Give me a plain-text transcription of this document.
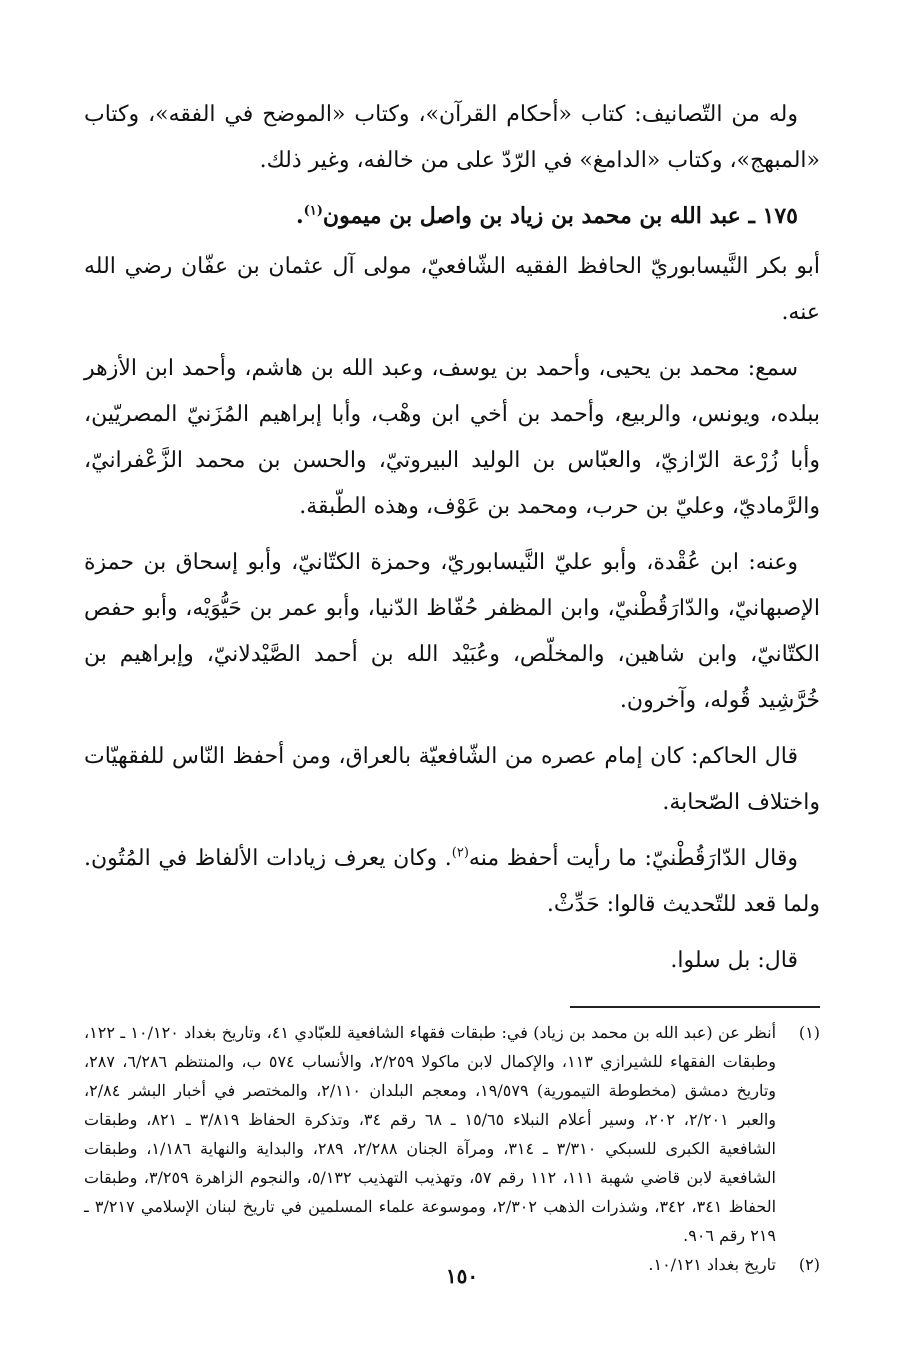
وله من التّصانيف: كتاب «أحكام القرآن»، وكتاب «الموضح في الفقه»، وكتاب «المبهج»، وكتاب «الدامغ» في الرّدّ على من خالفه، وغير ذلك.

١٧٥ ـ عبد الله بن محمد بن زياد بن واصل بن ميمون$^{(١)}$.

أبو بكر النَّيسابوريّ الحافظ الفقيه الشّافعيّ، مولى آل عثمان بن عفّان رضي الله عنه.

سمع: محمد بن يحيى، وأحمد بن يوسف، وعبد الله بن هاشم، وأحمد ابن الأزهر ببلده، ويونس، والربيع، وأحمد بن أخي ابن وهْب، وأبا إبراهيم المُزَنيّ المصريّين، وأبا زُرْعة الرّازيّ، والعبّاس بن الوليد البيروتيّ، والحسن بن محمد الزَّعْفرانيّ، والرَّماديّ، وعليّ بن حرب، ومحمد بن عَوْف، وهذه الطّبقة.

وعنه: ابن عُقْدة، وأبو عليّ النَّيسابوريّ، وحمزة الكتّانيّ، وأبو إسحاق بن حمزة الإصبهانيّ، والدّارَقُطْنيّ، وابن المظفر حُفّاظ الدّنيا، وأبو عمر بن حَيُّوَيْه، وأبو حفص الكتّانيّ، وابن شاهين، والمخلّص، وعُبَيْد الله بن أحمد الصَّيْدلانيّ، وإبراهيم بن خُرَّشِيد قُوله، وآخرون.

قال الحاكم: كان إمام عصره من الشّافعيّة بالعراق، ومن أحفظ النّاس للفقهيّات واختلاف الصّحابة.

وقال الدّارَقُطْنيّ: ما رأيت أحفظ منه$^{(٢)}$. وكان يعرف زيادات الألفاظ في المُتُون. ولما قعد للتّحديث قالوا: حَدِّثْ.

قال: بل سلوا.

(١)
أنظر عن (عبد الله بن محمد بن زياد) في: طبقات فقهاء الشافعية للعبّادي ٤١، وتاريخ بغداد ١٠/١٢٠ ـ ١٢٢، وطبقات الفقهاء للشيرازي ١١٣، والإكمال لابن ماكولا ٢/٢٥٩، والأنساب ٥٧٤ ب، والمنتظم ٦/٢٨٦، ٢٨٧، وتاريخ دمشق (مخطوطة التيمورية) ١٩/٥٧٩، ومعجم البلدان ٢/١١٠، والمختصر في أخبار البشر ٢/٨٤، والعبر ٢/٢٠١، ٢٠٢، وسير أعلام النبلاء ١٥/٦٥ ـ ٦٨ رقم ٣٤، وتذكرة الحفاظ ٣/٨١٩ ـ ٨٢١، وطبقات الشافعية الكبرى للسبكي ٣/٣١٠ ـ ٣١٤، ومرآة الجنان ٢/٢٨٨، ٢٨٩، والبداية والنهاية ١/١٨٦، وطبقات الشافعية لابن قاضي شهبة ١١١، ١١٢ رقم ٥٧، وتهذيب التهذيب ٥/١٣٢، والنجوم الزاهرة ٣/٢٥٩، وطبقات الحفاظ ٣٤١، ٣٤٢، وشذرات الذهب ٢/٣٠٢، وموسوعة علماء المسلمين في تاريخ لبنان الإسلامي ٣/٢١٧ ـ ٢١٩ رقم ٩٠٦.

(٢)
تاريخ بغداد ١٠/١٢١.

١٥٠
